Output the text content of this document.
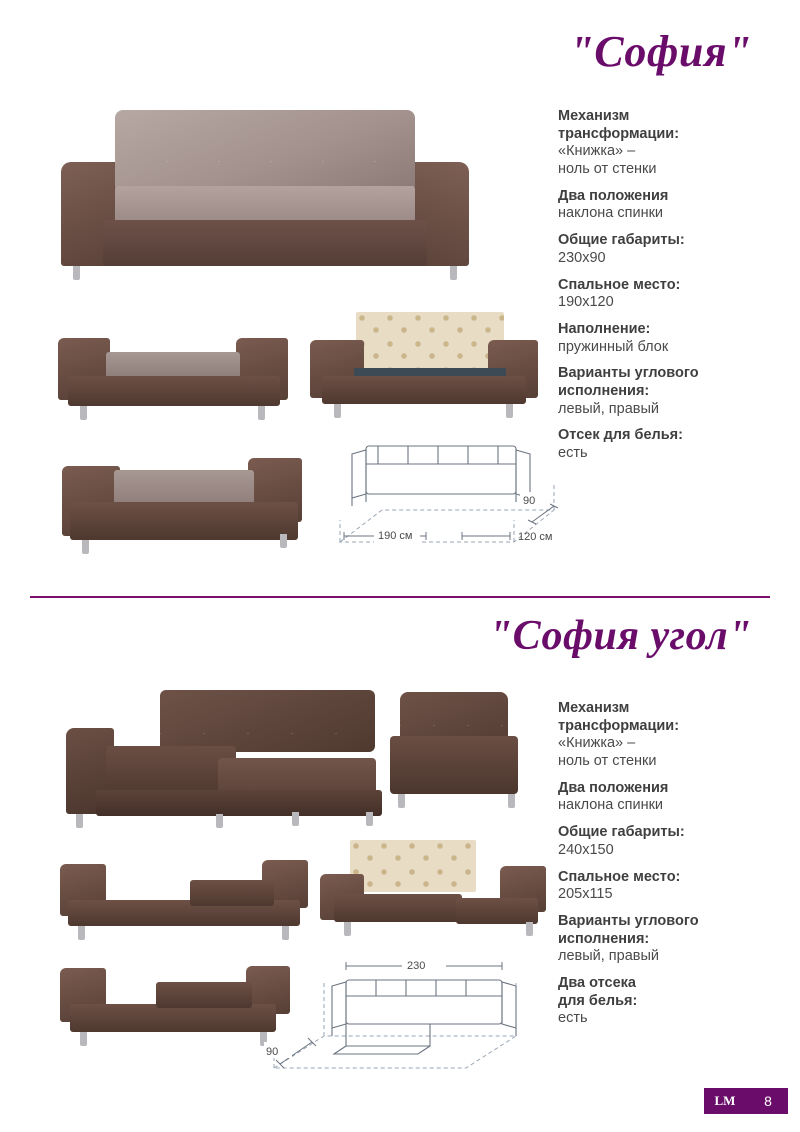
"София"
190 см
90
120 см
Механизм
трансформации:
«Книжка» –
ноль от стенки
Два положения
наклона спинки
Общие габариты:
230х90
Спальное место:
190х120
Наполнение:
пружинный блок
Варианты углового
исполнения:
левый, правый
Отсек для белья:
есть
"София угол"
230
90
Механизм
трансформации:
«Книжка» –
ноль от стенки
Два положения
наклона спинки
Общие габариты:
240х150
Спальное место:
205х115
Варианты углового
исполнения:
левый, правый
Два отсека
для белья:
есть
LM	8
